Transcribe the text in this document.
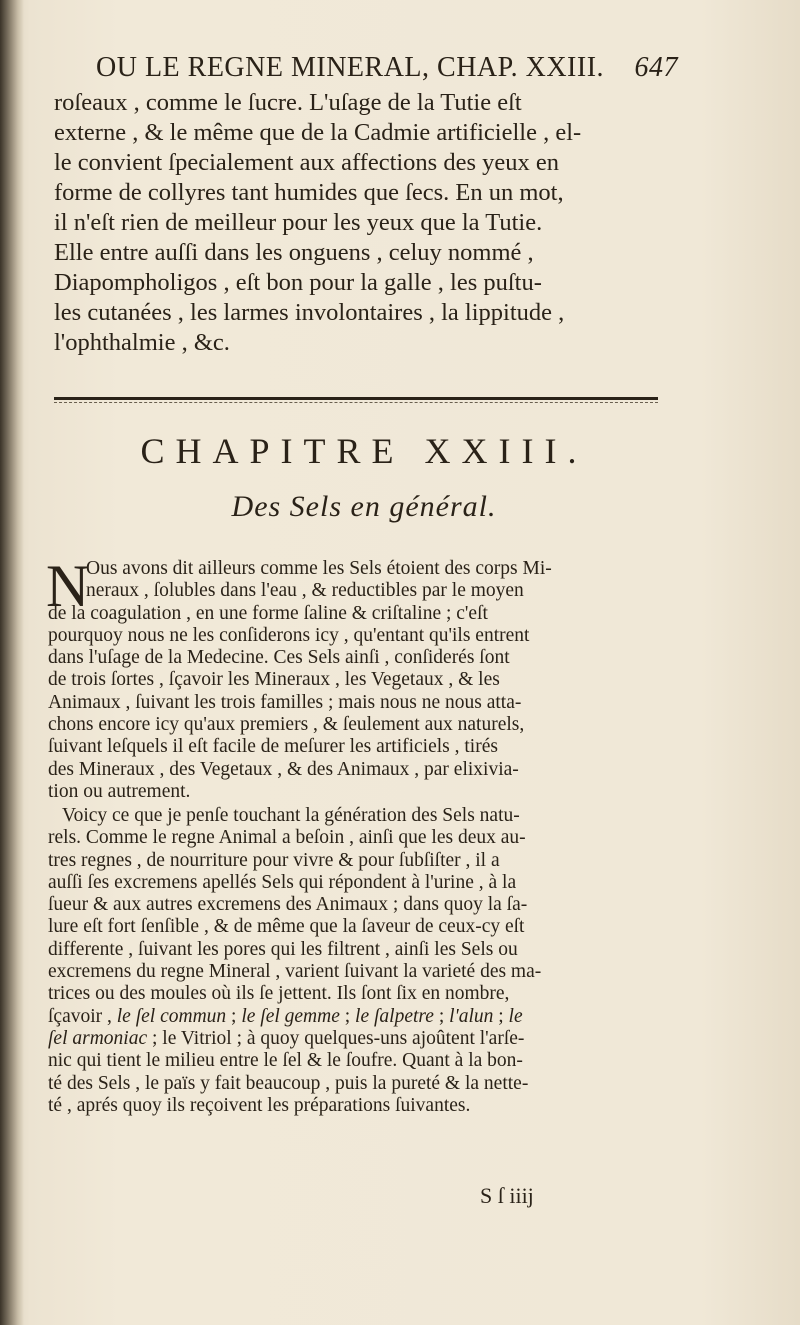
OU LE REGNE MINERAL, CHAP. XXIII. 647
roſeaux , comme le ſucre. L'uſage de la Tutie eſt
externe , & le même que de la Cadmie artificielle , el-
le convient ſpecialement aux affections des yeux en
forme de collyres tant humides que ſecs. En un mot,
il n'eſt rien de meilleur pour les yeux que la Tutie.
Elle entre auſſi dans les onguens , celuy nommé ,
Diapompholigos , eſt bon pour la galle , les puſtu-
les cutanées , les larmes involontaires , la lippitude ,
l'ophthalmie , &c.
CHAPITRE XXIII.
Des Sels en général.
N
Ous avons dit ailleurs comme les Sels étoient des corps Mi-
neraux , ſolubles dans l'eau , & reductibles par le moyen
de la coagulation , en une forme ſaline & criſtaline ; c'eſt
pourquoy nous ne les conſiderons icy , qu'entant qu'ils entrent
dans l'uſage de la Medecine. Ces Sels ainſi , conſiderés ſont
de trois ſortes , ſçavoir les Mineraux , les Vegetaux , & les
Animaux , ſuivant les trois familles ; mais nous ne nous atta-
chons encore icy qu'aux premiers , & ſeulement aux naturels,
ſuivant leſquels il eſt facile de meſurer les artificiels , tirés
des Mineraux , des Vegetaux , & des Animaux , par elixivia-
tion ou autrement.
Voicy ce que je penſe touchant la génération des Sels natu-
rels. Comme le regne Animal a beſoin , ainſi que les deux au-
tres regnes , de nourriture pour vivre & pour ſubſiſter , il a
auſſi ſes excremens apellés Sels qui répondent à l'urine , à la
ſueur & aux autres excremens des Animaux ; dans quoy la ſa-
lure eſt fort ſenſible , & de même que la ſaveur de ceux-cy eſt
differente , ſuivant les pores qui les filtrent , ainſi les Sels ou
excremens du regne Mineral , varient ſuivant la varieté des ma-
trices ou des moules où ils ſe jettent. Ils ſont ſix en nombre,
ſçavoir , le ſel commun ; le ſel gemme ; le ſalpetre ; l'alun ; le
ſel armoniac ; le Vitriol ; à quoy quelques-uns ajoûtent l'arſe-
nic qui tient le milieu entre le ſel & le ſoufre. Quant à la bon-
té des Sels , le païs y fait beaucoup , puis la pureté & la nette-
té , aprés quoy ils reçoivent les préparations ſuivantes.
S ſ iiij
